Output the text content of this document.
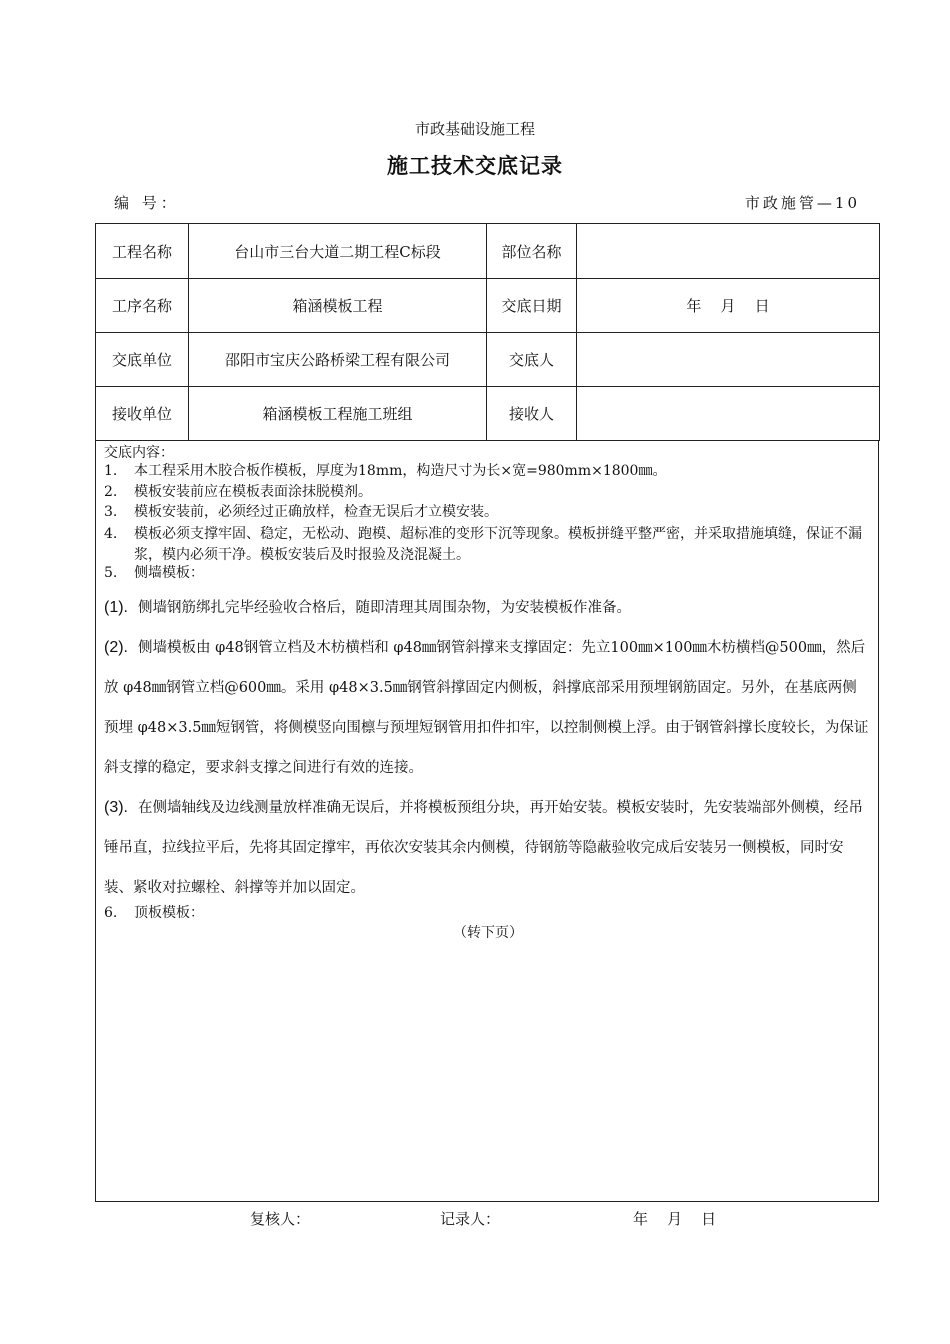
市政基础设施工程
施工技术交底记录
编 号：	市政施管—10
工程名称	台山市三台大道二期工程C标段	部位名称	
工序名称	箱涵模板工程	交底日期	年    月    日
交底单位	邵阳市宝庆公路桥梁工程有限公司	交底人	
接收单位	箱涵模板工程施工班组	接收人	
交底内容：
1. 本工程采用木胶合板作模板，厚度为18mm，构造尺寸为长×宽=980mm×1800㎜。
2. 模板安装前应在模板表面涂抹脱模剂。
3. 模板安装前，必须经过正确放样，检查无误后才立模安装。
4.	模板必须支撑牢固、稳定，无松动、跑模、超标准的变形下沉等现象。模板拼缝平整严密，并采取措施填缝，保证不漏浆，模内必须干净。模板安装后及时报验及浇混凝土。
5. 侧墙模板：
(1). 侧墙钢筋绑扎完毕经验收合格后，随即清理其周围杂物，为安装模板作准备。
(2). 侧墙模板由 φ48钢管立档及木枋横档和 φ48㎜钢管斜撑来支撑固定：先立100㎜×100㎜木枋横档@500㎜，然后放 φ48㎜钢管立档@600㎜。采用 φ48×3.5㎜钢管斜撑固定内侧板，斜撑底部采用预埋钢筋固定。另外，在基底两侧预埋 φ48×3.5㎜短钢管，将侧模竖向围檩与预埋短钢管用扣件扣牢，以控制侧模上浮。由于钢管斜撑长度较长，为保证斜支撑的稳定，要求斜支撑之间进行有效的连接。
(3). 在侧墙轴线及边线测量放样准确无误后，并将模板预组分块，再开始安装。模板安装时，先安装端部外侧模，经吊锤吊直，拉线拉平后，先将其固定撑牢，再依次安装其余内侧模，待钢筋等隐蔽验收完成后安装另一侧模板，同时安装、紧收对拉螺栓、斜撑等并加以固定。
6. 顶板模板：
（转下页）
复核人：	记录人：	年    月    日
